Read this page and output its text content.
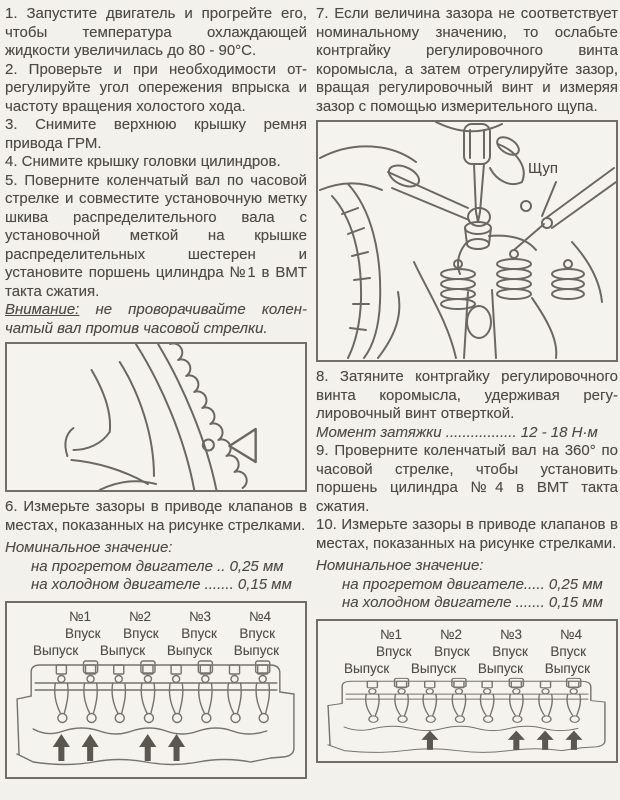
1. Запустите двигатель и прогрейте его, чтобы температура охлаждающей жидкости увеличилась до 80 - 90°С.

2. Проверьте и при необходимости отрегулируйте угол опережения впрыска и частоту вращения холостого хода.

3. Снимите верхнюю крышку ремня привода ГРМ.

4. Снимите крышку головки цилиндров.

5. Поверните коленчатый вал по часовой стрелке и совместите установочную метку шкива распределительного вала с установочной меткой на крышке распределительных шестерен и установите поршень цилиндра №1 в ВМТ такта сжатия.

Внимание: не проворачивайте коленчатый вал против часовой стрелки.

6. Измерьте зазоры в приводе клапанов в местах, показанных на рисунке стрелками.

Номинальное значение:

на прогретом двигателе .. 0,25 мм

на холодном двигателе ....... 0,15 мм

№1	№2	№3	№4
Впуск Впуск Впуск Впуск
Выпуск Выпуск Выпуск Выпуск

7. Если величина зазора не соответствует номинальному значению, то ослабьте контргайку регулировочного винта коромысла, а затем отрегулируйте зазор, вращая регулировочный винт и измеряя зазор с помощью измерительного щупа.

Щуп

8. Затяните контргайку регулировочного винта коромысла, удерживая регулировочный винт отверткой.

Момент затяжки ................. 12 - 18 Н·м

9. Проверните коленчатый вал на 360° по часовой стрелке, чтобы установить поршень цилиндра №4 в ВМТ такта сжатия.

10. Измерьте зазоры в приводе клапанов в местах, показанных на рисунке стрелками.

Номинальное значение:

на прогретом двигателе..... 0,25 мм

на холодном двигателе ....... 0,15 мм

№1	№2	№3	№4
Впуск Впуск Впуск Впуск
Выпуск Выпуск Выпуск Выпуск
